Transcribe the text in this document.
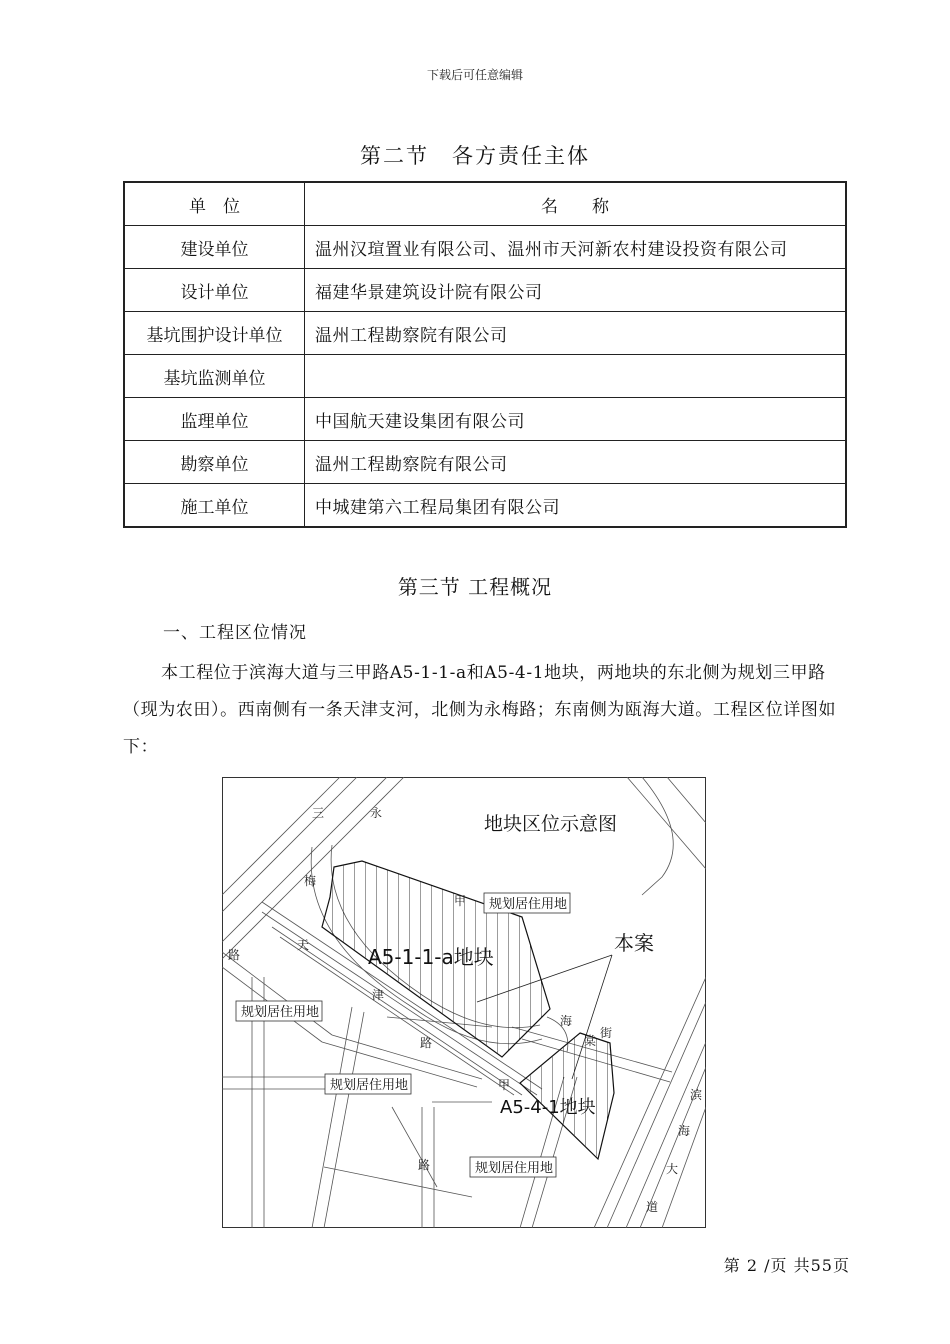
下载后可任意编辑
第二节　各方责任主体
单　位	名　　称
建设单位	温州汉瑄置业有限公司、温州市天河新农村建设投资有限公司
设计单位	福建华景建筑设计院有限公司
基坑围护设计单位	温州工程勘察院有限公司
基坑监测单位	
监理单位	中国航天建设集团有限公司
勘察单位	温州工程勘察院有限公司
施工单位	中城建第六工程局集团有限公司
第三节 工程概况
一、工程区位情况
本工程位于滨海大道与三甲路A5-1-1-a和A5-4-1地块，两地块的东北侧为规划三甲路（现为农田）。西南侧有一条天津支河，北侧为永梅路；东南侧为瓯海大道。工程区位详图如下：
地块区位示意图
A5-1-1-a地块
A5-4-1地块
本案
规划居住用地
规划居住用地
规划居住用地
规划居住用地
三	永
梅
路
天
津
路
甲
海
棠
街
滨
海
大
道
路
甲
第 2 /页 共55页
